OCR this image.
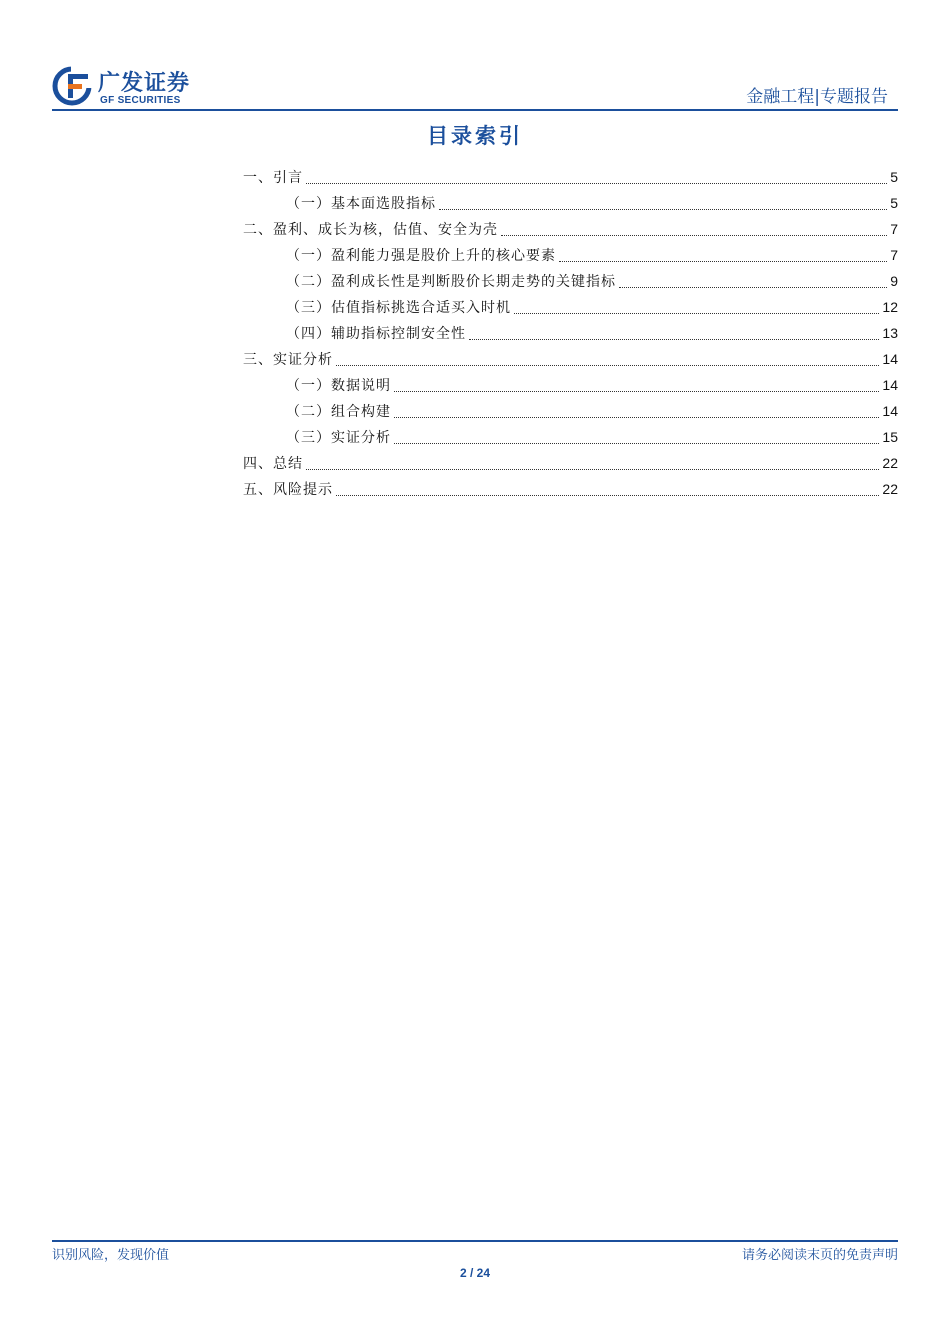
广发证券
GF SECURITIES	金融工程|专题报告
目录索引
一、引言	5
（一）基本面选股指标	5
二、盈利、成长为核，估值、安全为壳	7
（一）盈利能力强是股价上升的核心要素	7
（二）盈利成长性是判断股价长期走势的关键指标	9
（三）估值指标挑选合适买入时机	12
（四）辅助指标控制安全性	13
三、实证分析	14
（一）数据说明	14
（二）组合构建	14
（三）实证分析	15
四、总结	22
五、风险提示	22
识别风险，发现价值	请务必阅读末页的免责声明
2 / 24
